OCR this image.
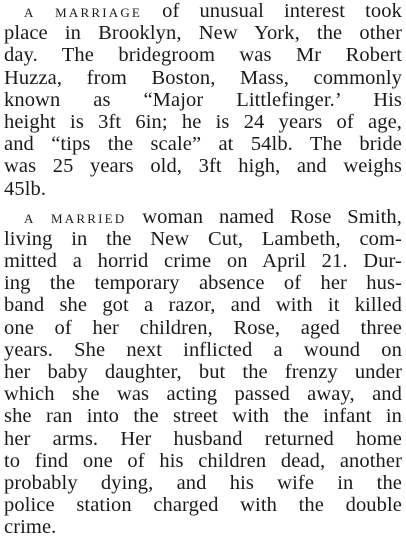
A MARRIAGE of unusual interest took
place in Brooklyn, New York, the other
day. The bridegroom was Mr Robert
Huzza, from Boston, Mass, commonly
known as “Major Littlefinger.’ His
height is 3ft 6in; he is 24 years of age,
and “tips the scale” at 54lb. The bride
was 25 years old, 3ft high, and weighs
45lb.
A MARRIED woman named Rose Smith,
living in the New Cut, Lambeth, com-
mitted a horrid crime on April 21. Dur-
ing the temporary absence of her hus-
band she got a razor, and with it killed
one of her children, Rose, aged three
years. She next inflicted a wound on
her baby daughter, but the frenzy under
which she was acting passed away, and
she ran into the street with the infant in
her arms. Her husband returned home
to find one of his children dead, another
probably dying, and his wife in the
police station charged with the double
crime.
